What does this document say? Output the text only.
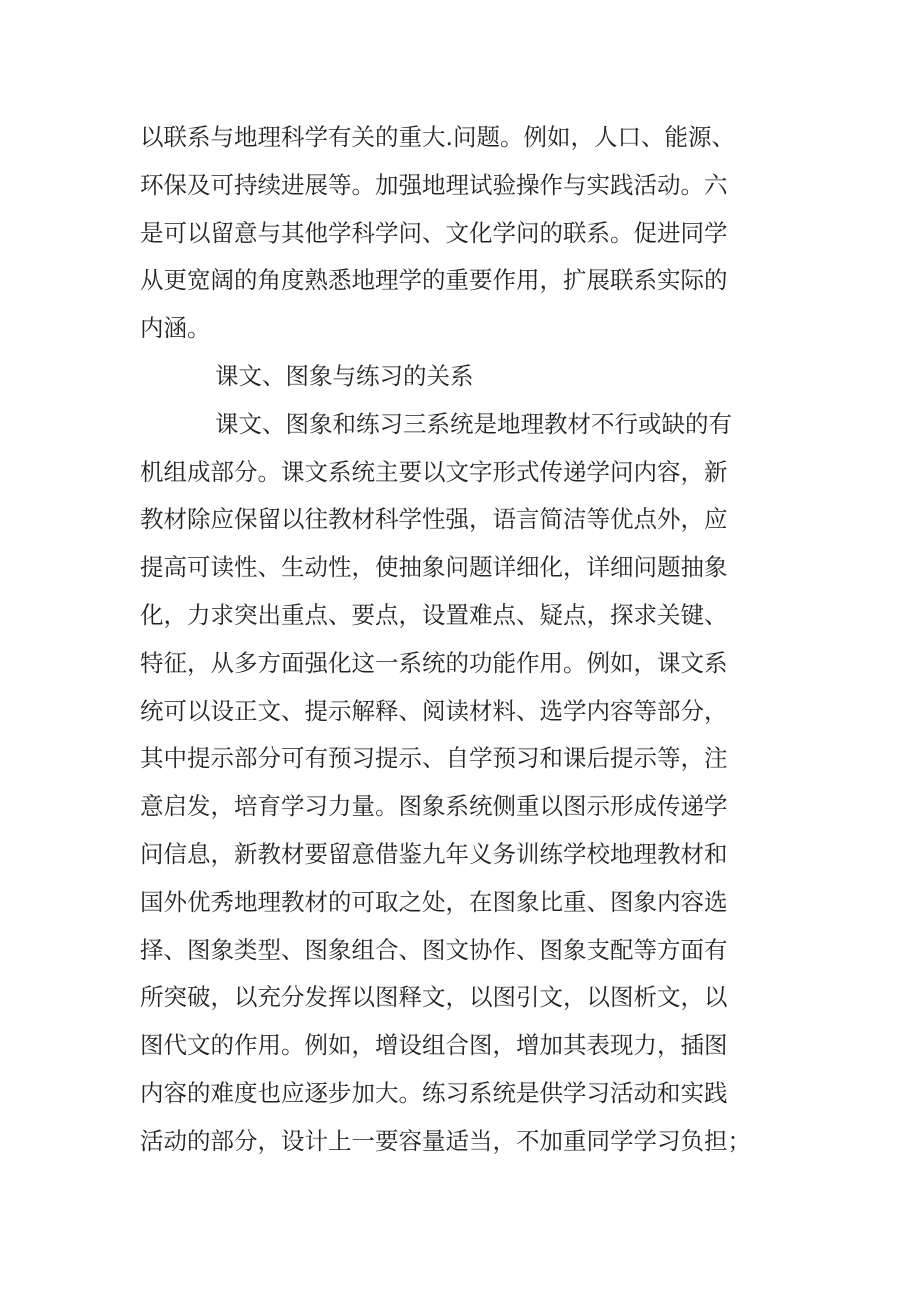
以联系与地理科学有关的重大.问题。例如，人口、能源、
环保及可持续进展等。加强地理试验操作与实践活动。六
是可以留意与其他学科学问、文化学问的联系。促进同学
从更宽阔的角度熟悉地理学的重要作用，扩展联系实际的
内涵。
课文、图象与练习的关系
课文、图象和练习三系统是地理教材不行或缺的有
机组成部分。课文系统主要以文字形式传递学问内容，新
教材除应保留以往教材科学性强，语言简洁等优点外，应
提高可读性、生动性，使抽象问题详细化，详细问题抽象
化，力求突出重点、要点，设置难点、疑点，探求关键、
特征，从多方面强化这一系统的功能作用。例如，课文系
统可以设正文、提示解释、阅读材料、选学内容等部分，
其中提示部分可有预习提示、自学预习和课后提示等，注
意启发，培育学习力量。图象系统侧重以图示形成传递学
问信息，新教材要留意借鉴九年义务训练学校地理教材和
国外优秀地理教材的可取之处，在图象比重、图象内容选
择、图象类型、图象组合、图文协作、图象支配等方面有
所突破，以充分发挥以图释文，以图引文，以图析文，以
图代文的作用。例如，增设组合图，增加其表现力，插图
内容的难度也应逐步加大。练习系统是供学习活动和实践
活动的部分，设计上一要容量适当，不加重同学学习负担；
